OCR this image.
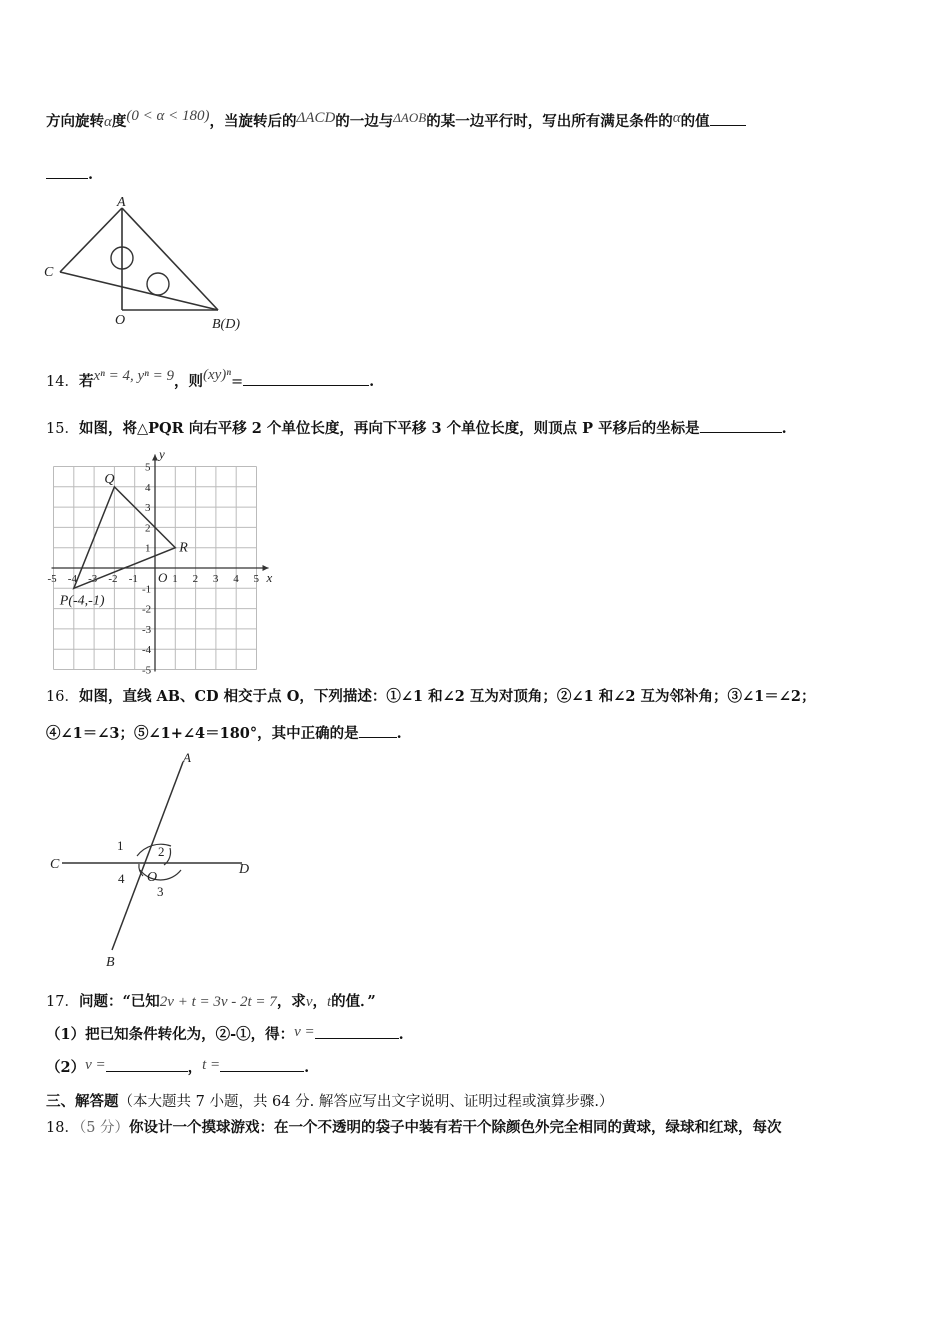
方向旋转α度(0 < α < 180)，当旋转后的ΔACD的一边与ΔAOB的某一边平行时，写出所有满足条件的α的值
.
A
C
O	B(D)
14．若xⁿ = 4, yⁿ = 9，则(xy)ⁿ=	.
15．如图，将△PQR 向右平移 2 个单位长度，再向下平移 3 个单位长度，则顶点 P 平移后的坐标是	.
-5 -4 -3 -2 -1	1 2 3 4 5
5
4
3
2
1
-1
-2
-3
-4
-5
x
y
O
Q
R
P(-4,-1)
16．如图，直线 AB、CD 相交于点 O，下列描述：①∠1 和∠2 互为对顶角；②∠1 和∠2 互为邻补角；③∠1＝∠2；
④∠1＝∠3；⑤∠1+∠4＝180°，其中正确的是	.
A
B
C	D
O
1	2
3
4
17．问题：“已知2v + t = 3v - 2t = 7，求v，t的值．”
（1）把已知条件转化为，②-①，得：v =	.
（2）v =	，t =	.
三、解答题（本大题共 7 小题，共 64 分. 解答应写出文字说明、证明过程或演算步骤.）
18．（5 分）你设计一个摸球游戏：在一个不透明的袋子中装有若干个除颜色外完全相同的黄球，绿球和红球，每次
